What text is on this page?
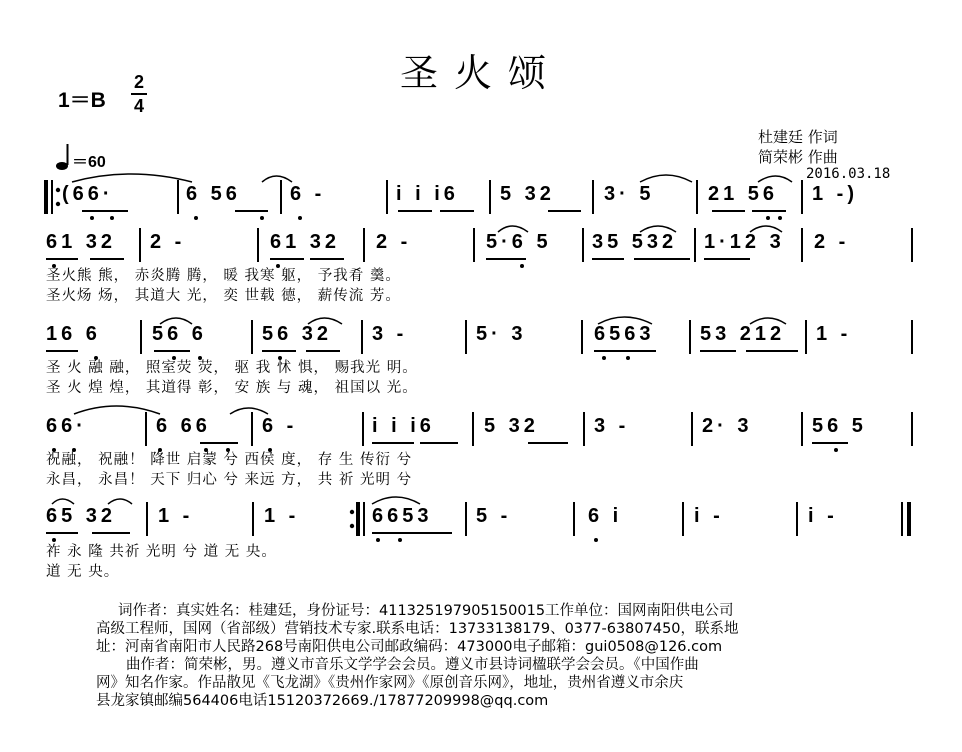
圣火颂
1＝B
2
4
＝60
杜建廷 作词
简荣彬 作曲
2016.03.18
(66·	6 56 6 -	i i i6 5 32 3· 5	21 56 1 -)
61 32 2 -	61 32 2 -	5·6 5 35 532 1·12 3 2 -
圣火熊 熊， 赤炎腾 腾， 暖 我寒 躯， 予我肴 羹。
圣火炀 炀， 其道大 光， 奕 世载 德， 薪传流 芳。
16 6	56 6	56 32 3 -	5· 3	6563 53 212 1 -
圣 火 融 融， 照室荧 荧， 驱 我 怵 惧， 赐我光 明。
圣 火 煌 煌， 其道得 彰， 安 族 与 魂， 祖国以 光。
66·	6 66	6 -	i i i6 5 32	3 -	2· 3	56 5
祝融， 祝融！ 降世 启蒙 兮 西侯 度， 存 生 传衍 兮
永昌， 永昌！ 天下 归心 兮 来远 方， 共 祈 光明 兮
65 32 1 -	1 -	6653 5 -	6 i	i -	i -
祚 永 隆 共祈 光明 兮 道 无 央。
道 无 央。
词作者：真实姓名：桂建廷，身份证号：411325197905150015工作单位：国网南阳供电公司
高级工程师，国网（省部级）营销技术专家.联系电话：13733138179、0377-63807450，联系地
址：河南省南阳市人民路268号南阳供电公司邮政编码：473000电子邮箱：gui0508@126.com
曲作者：简荣彬，男。遵义市音乐文学学会会员。遵义市县诗词楹联学会会员。《中国作曲
网》知名作家。作品散见《飞龙湖》《贵州作家网》《原创音乐网》，地址，贵州省遵义市余庆
县龙家镇邮编564406电话15120372669./17877209998@qq.com
